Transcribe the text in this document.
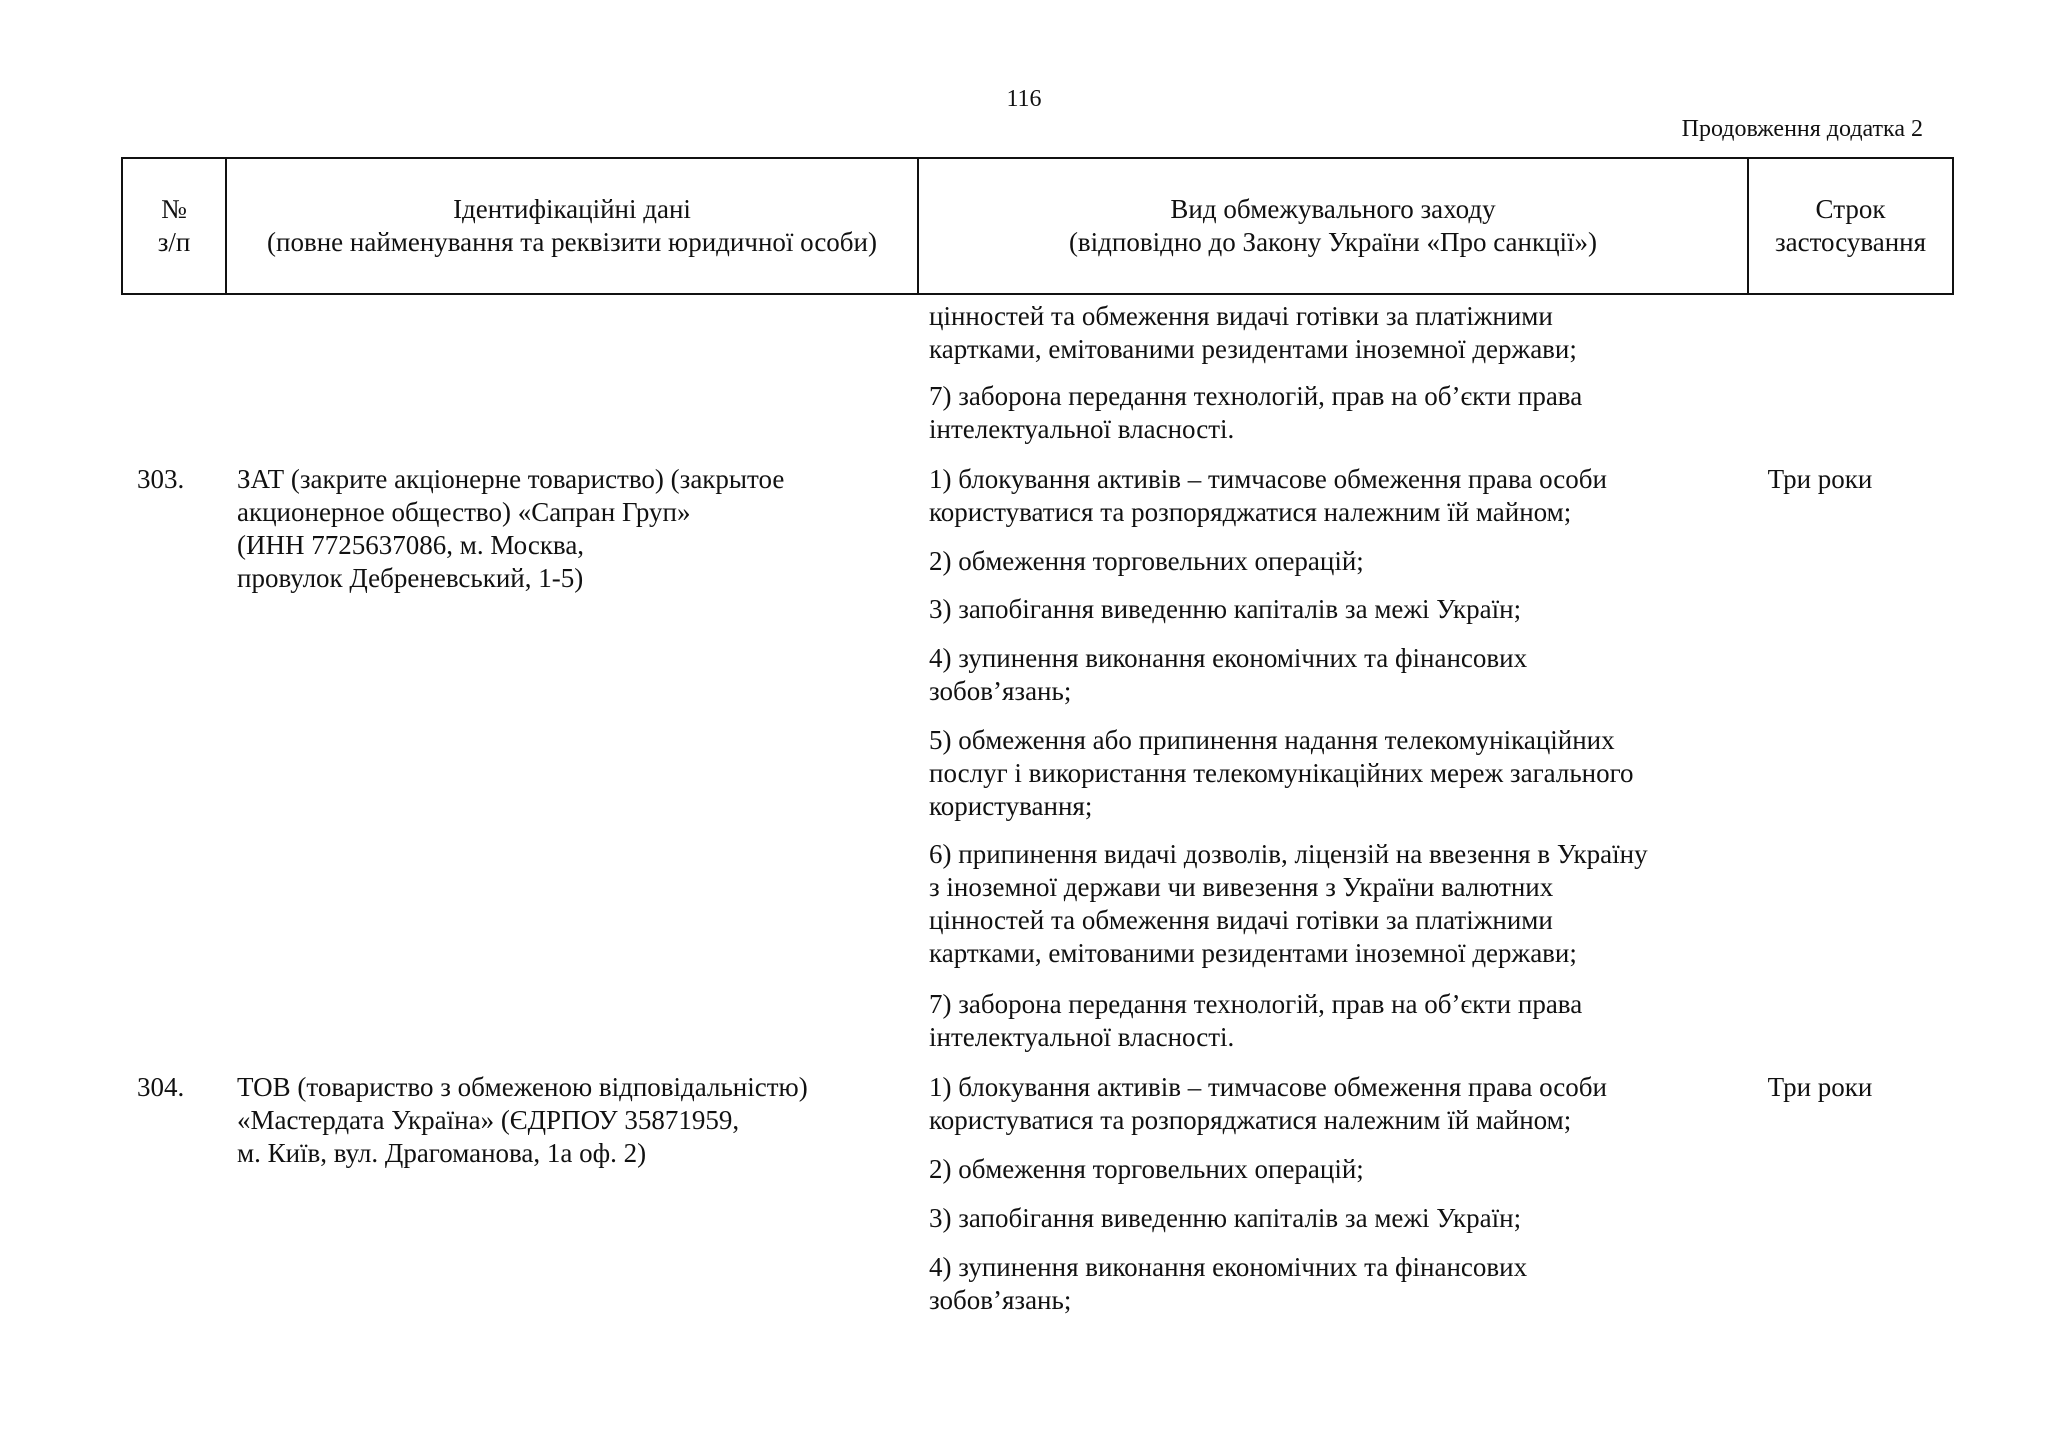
116
Продовження додатка 2
№
з/п
Ідентифікаційні дані
(повне найменування та реквізити юридичної особи)
Вид обмежувального заходу
(відповідно до Закону України «Про санкції»)
Строк
застосування
цінностей та обмеження видачі готівки за платіжними
картками, емітованими резидентами іноземної держави;
7) заборона передання технологій, прав на об’єкти права
інтелектуальної власності.
303. ЗАТ (закрите акціонерне товариство) (закрытое
акционерное общество) «Сапран Груп»
(ИНН 7725637086, м. Москва,
провулок Дебреневський, 1-5)
Три роки
1) блокування активів – тимчасове обмеження права особи
користуватися та розпоряджатися належним їй майном;
2) обмеження торговельних операцій;
3) запобігання виведенню капіталів за межі Україн;
4) зупинення виконання економічних та фінансових
зобов’язань;
5) обмеження або припинення надання телекомунікаційних
послуг і використання телекомунікаційних мереж загального
користування;
6) припинення видачі дозволів, ліцензій на ввезення в Україну
з іноземної держави чи вивезення з України валютних
цінностей та обмеження видачі готівки за платіжними
картками, емітованими резидентами іноземної держави;
7) заборона передання технологій, прав на об’єкти права
інтелектуальної власності.
304. ТОВ (товариство з обмеженою відповідальністю)
«Мастердата Україна» (ЄДРПОУ 35871959,
м. Київ, вул. Драгоманова, 1а оф. 2)
Три роки
1) блокування активів – тимчасове обмеження права особи
користуватися та розпоряджатися належним їй майном;
2) обмеження торговельних операцій;
3) запобігання виведенню капіталів за межі Україн;
4) зупинення виконання економічних та фінансових
зобов’язань;
